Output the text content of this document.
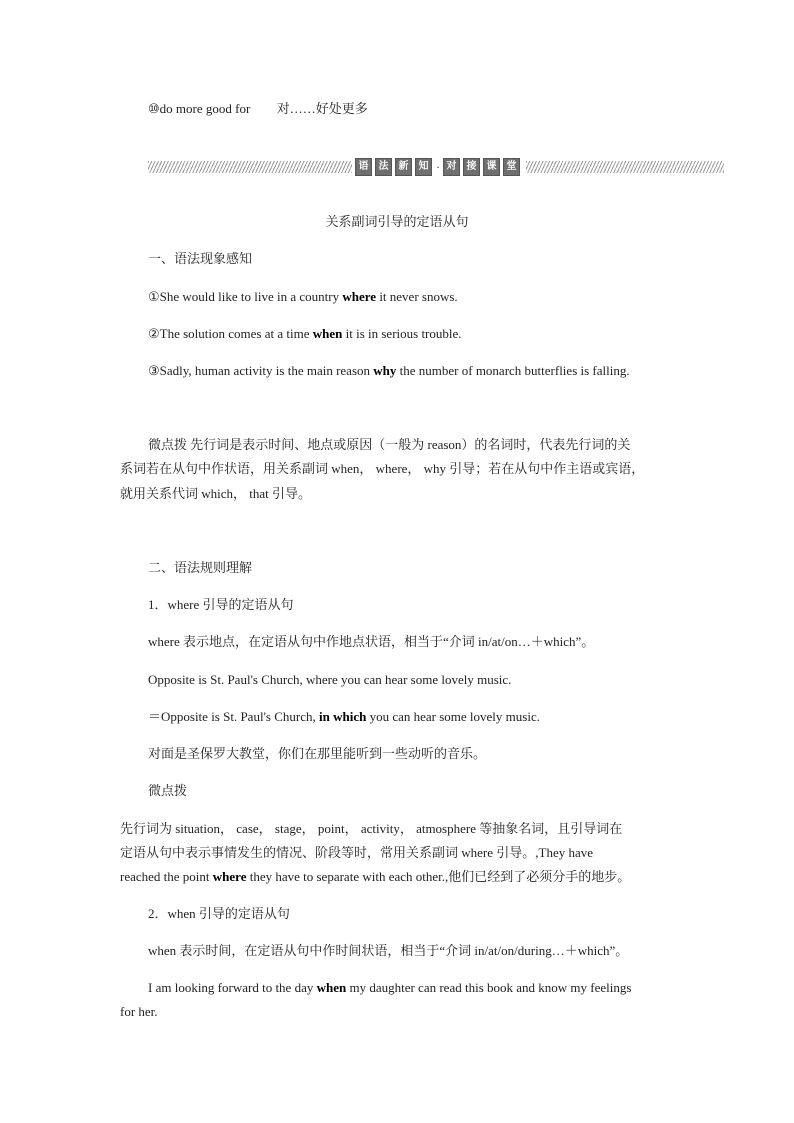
⑩do more good for 对……好处更多
语	法	新	知 · 对	接	课	堂
关系副词引导的定语从句
一、语法现象感知
①She would like to live in a country where it never snows.
②The solution comes at a time when it is in serious trouble.
③Sadly, human activity is the main reason why the number of monarch butterflies is falling.
微点拨 先行词是表示时间、地点或原因（一般为 reason）的名词时，代表先行词的关
系词若在从句中作状语，用关系副词 when， where， why 引导；若在从句中作主语或宾语，
就用关系代词 which， that 引导。
二、语法规则理解
1．where 引导的定语从句
where 表示地点，在定语从句中作地点状语，相当于“介词 in/at/on…＋which”。
Opposite is St. Paul's Church, where you can hear some lovely music.
＝Opposite is St. Paul's Church, in which you can hear some lovely music.
对面是圣保罗大教堂，你们在那里能听到一些动听的音乐。
微点拨
先行词为 situation， case， stage， point， activity， atmosphere 等抽象名词，且引导词在
定语从句中表示事情发生的情况、阶段等时，常用关系副词 where 引导。,They have
reached the point where they have to separate with each other.,他们已经到了必须分手的地步。
2．when 引导的定语从句
when 表示时间，在定语从句中作时间状语，相当于“介词 in/at/on/during…＋which”。
I am looking forward to the day when my daughter can read this book and know my feelings
for her.
